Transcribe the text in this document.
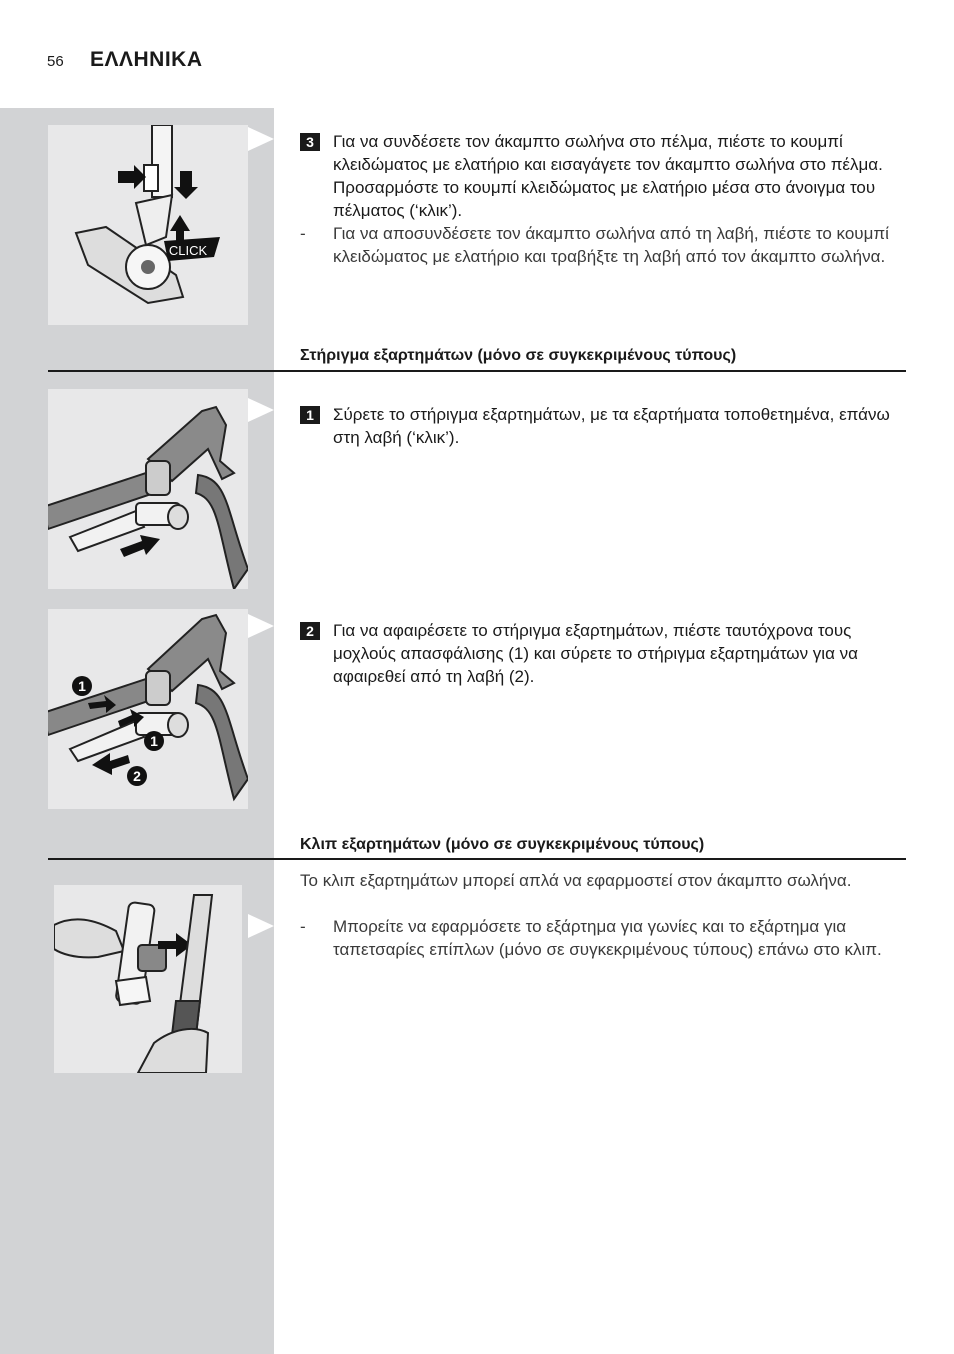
56 ΕΛΛΗΝΙΚΑ
CLICK
3	Για να συνδέσετε τον άκαμπτο σωλήνα στο πέλμα, πιέστε το κουμπί κλειδώματος με ελατήριο και εισαγάγετε τον άκαμπτο σωλήνα στο πέλμα. Προσαρμόστε το κουμπί κλειδώματος με ελατήριο μέσα στο άνοιγμα του πέλματος (‘κλικ’).
- Για να αποσυνδέσετε τον άκαμπτο σωλήνα από τη λαβή, πιέστε το κουμπί κλειδώματος με ελατήριο και τραβήξτε τη λαβή από τον άκαμπτο σωλήνα.
Στήριγμα εξαρτημάτων (μόνο σε συγκεκριμένους τύπους)
1	Σύρετε το στήριγμα εξαρτημάτων, με τα εξαρτήματα τοποθετημένα, επάνω στη λαβή (‘κλικ’).
1
1
2
2	Για να αφαιρέσετε το στήριγμα εξαρτημάτων, πιέστε ταυτόχρονα τους μοχλούς απασφάλισης (1) και σύρετε το στήριγμα εξαρτημάτων για να αφαιρεθεί από τη λαβή (2).
Κλιπ εξαρτημάτων (μόνο σε συγκεκριμένους τύπους)
Το κλιπ εξαρτημάτων μπορεί απλά να εφαρμοστεί στον άκαμπτο σωλήνα.
- Μπορείτε να εφαρμόσετε το εξάρτημα για γωνίες και το εξάρτημα για ταπετσαρίες επίπλων (μόνο σε συγκεκριμένους τύπους) επάνω στο κλιπ.
